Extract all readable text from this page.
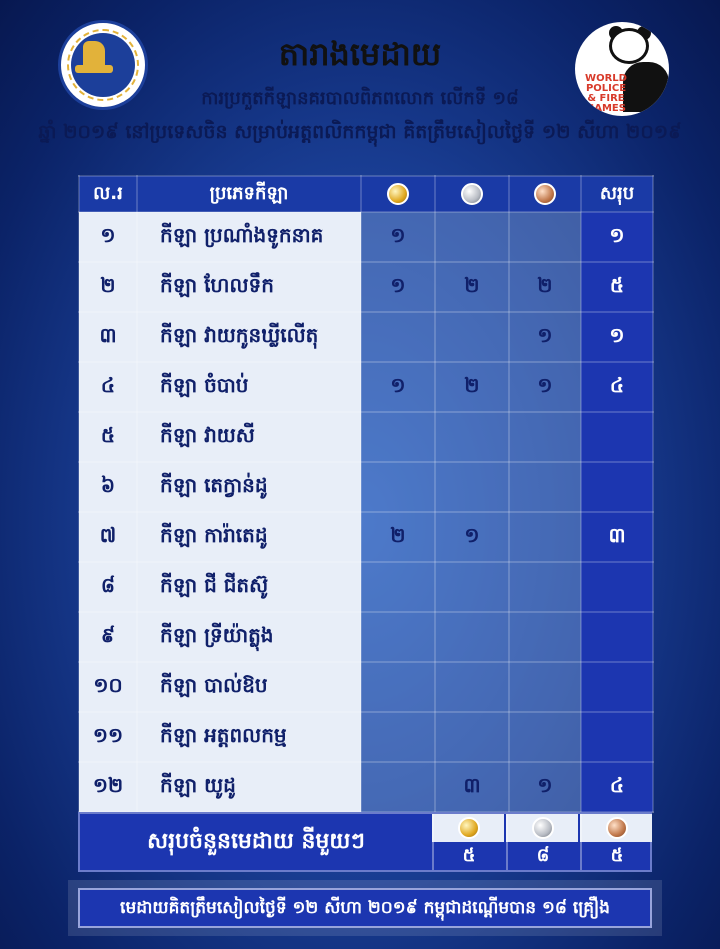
តារាងមេដាយ
ការប្រកួតកីឡានគរបាលពិភពលោក លើកទី ១៨
ឆ្នាំ ២០១៩ នៅប្រទេសចិន សម្រាប់អត្តពលិកកម្ពុជា គិតត្រឹមសៀលថ្ងៃទី ១២ សីហា ២០១៩
WORLD POLICE & FIRE GAMES
ល.រ	ប្រភេទកីឡា				សរុប
១	កីឡា ប្រណាំងទូកនាគ	១			១
២	កីឡា ហែលទឹក	១	២	២	៥
៣	កីឡា វាយកូនឃ្លីលើតុ			១	១
៤	កីឡា ចំបាប់	១	២	១	៤
៥	កីឡា វាយសី				
៦	កីឡា តេក្វាន់ដូ				
៧	កីឡា ការ៉ាតេដូ	២	១		៣
៨	កីឡា ជី ជីតស៊ូ				
៩	កីឡា ទ្រីយ៉ាត្លុង				
១០	កីឡា បាល់ឱប				
១១	កីឡា អត្តពលកម្ម				
១២	កីឡា យូដូ		៣	១	៤
សរុបចំនួនមេដាយ នីមួយៗ
៥	៨	៥
មេដាយគិតត្រឹមសៀលថ្ងៃទី ១២ សីហា ២០១៩ កម្ពុជាដណ្ដើមបាន ១៨ គ្រឿង
